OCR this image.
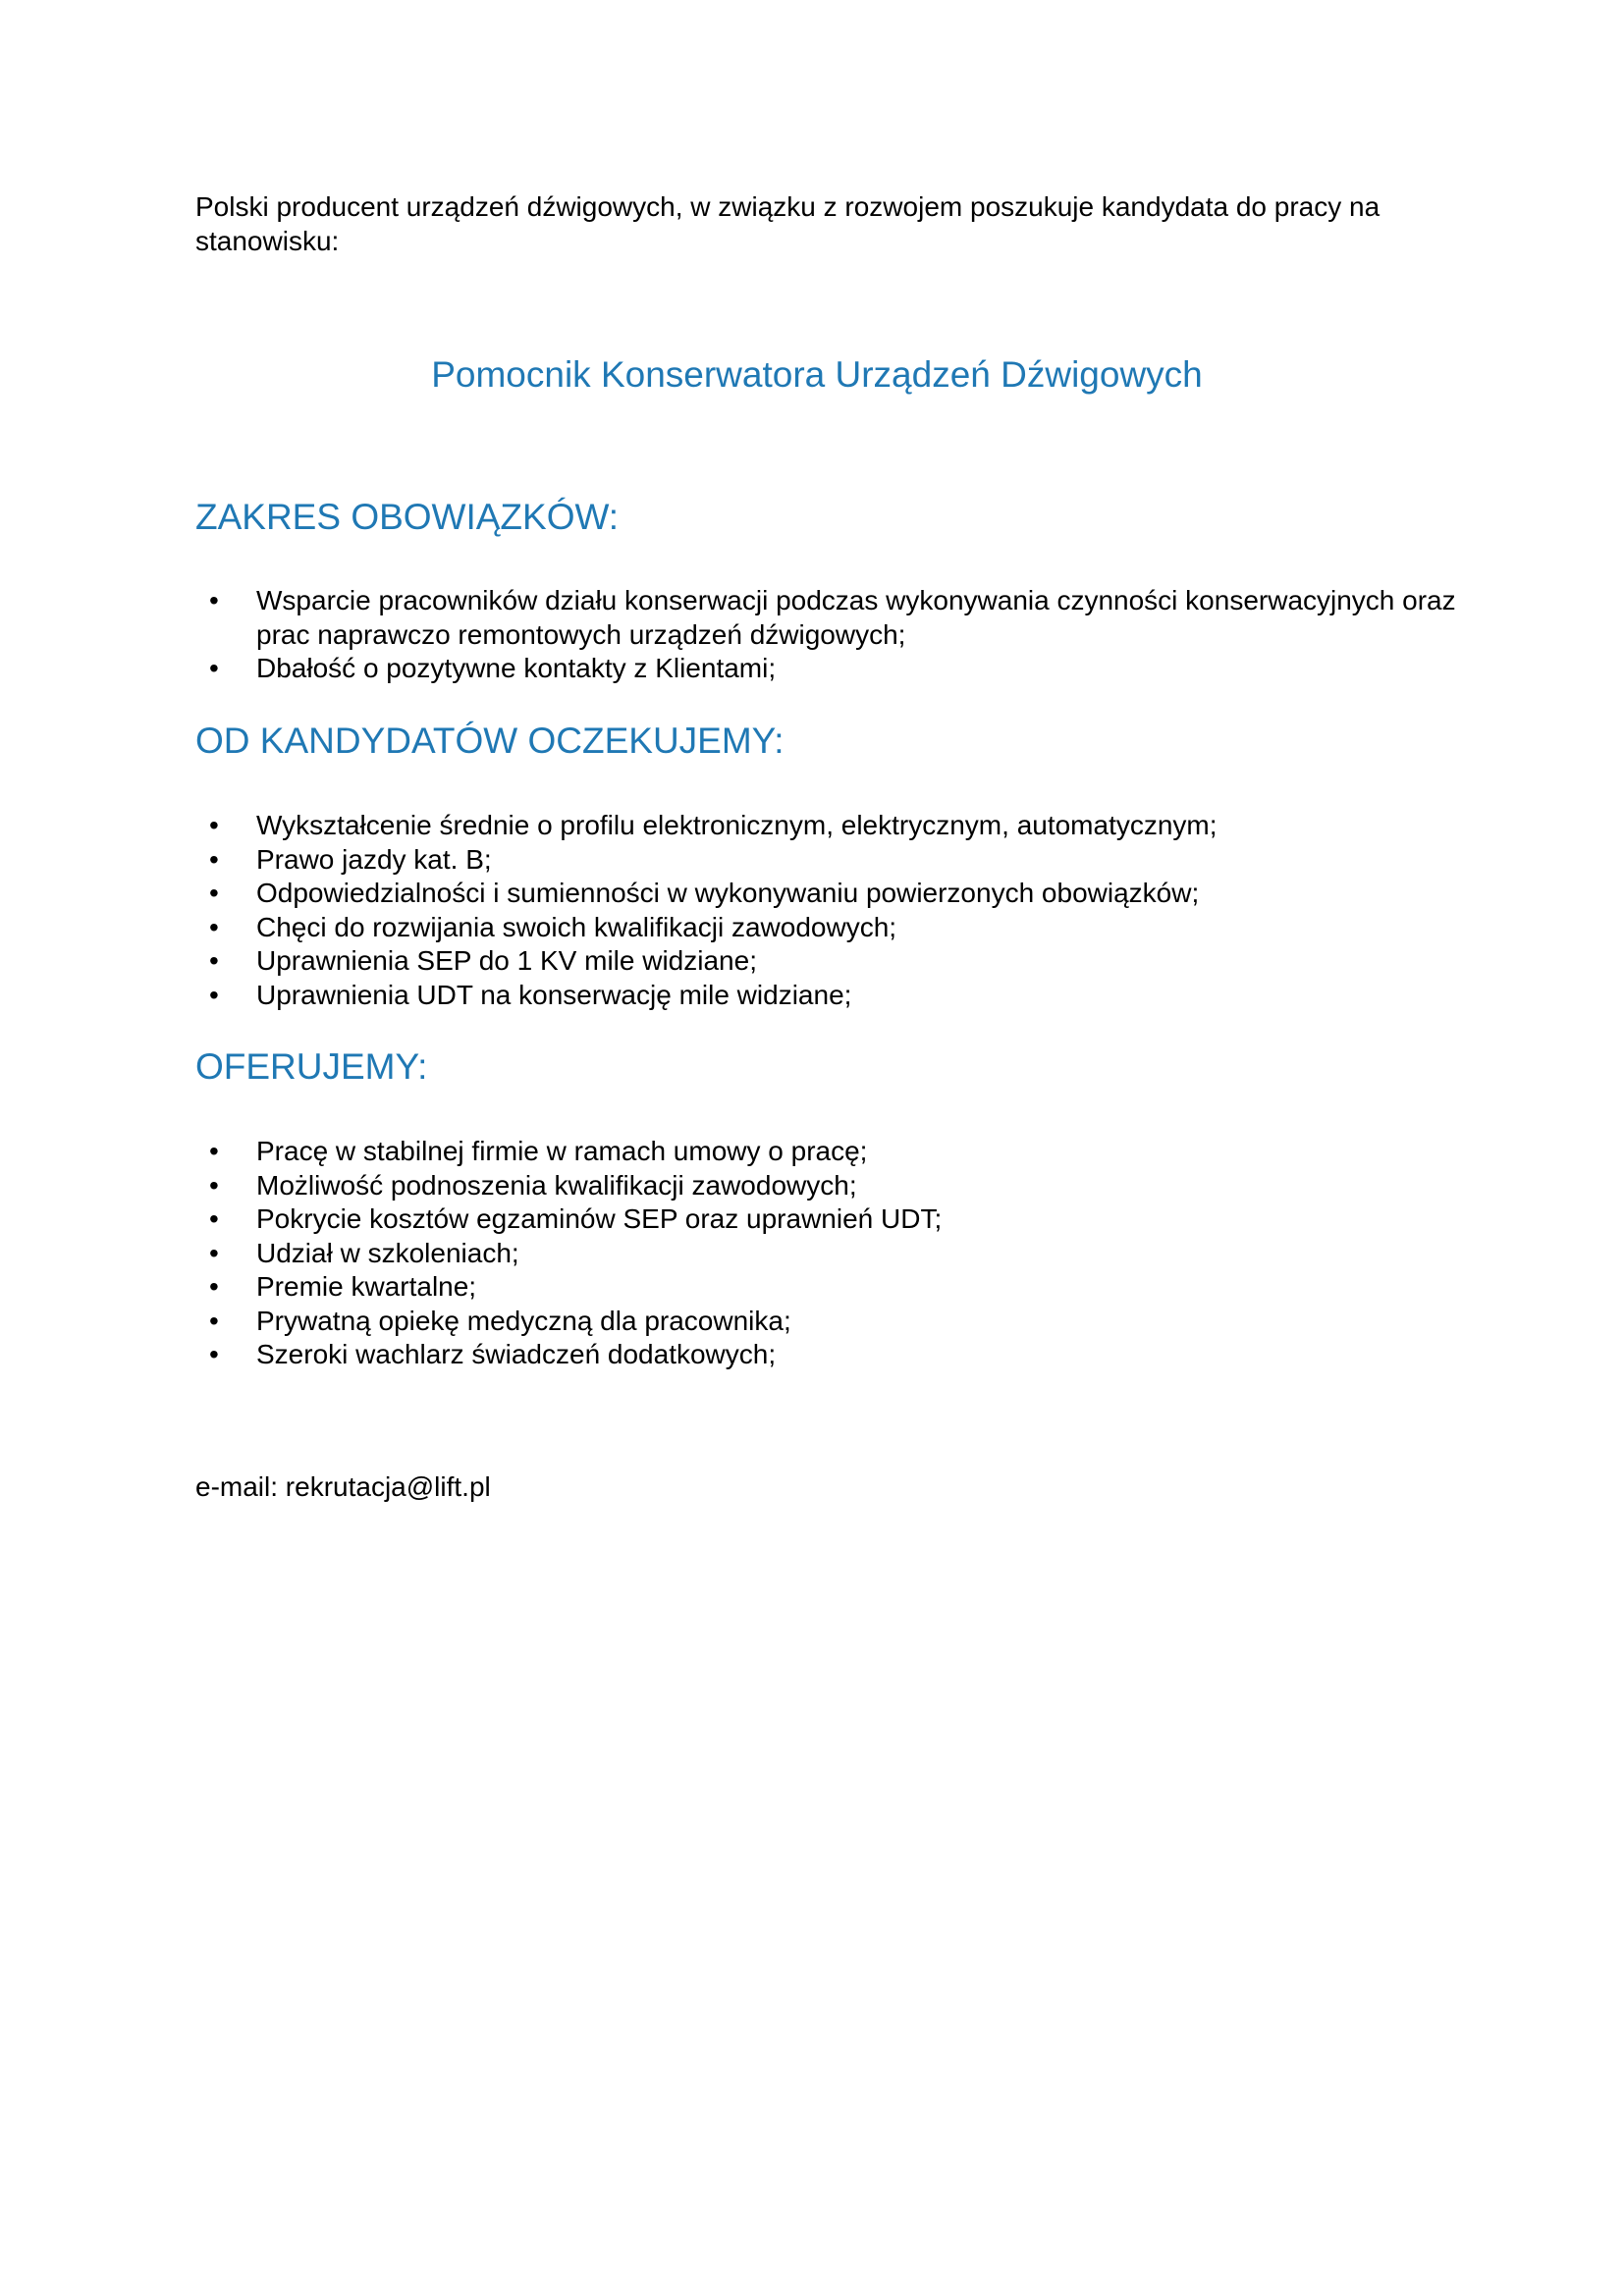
Polski producent urządzeń dźwigowych, w związku z rozwojem poszukuje kandydata do pracy na stanowisku:

Pomocnik Konserwatora Urządzeń Dźwigowych
ZAKRES OBOWIĄZKÓW:
• Wsparcie pracowników działu konserwacji podczas wykonywania czynności konserwacyjnych oraz prac naprawczo remontowych urządzeń dźwigowych;
• Dbałość o pozytywne kontakty z Klientami;
OD KANDYDATÓW OCZEKUJEMY:
• Wykształcenie średnie o profilu elektronicznym, elektrycznym, automatycznym;
• Prawo jazdy kat. B;
• Odpowiedzialności i sumienności w wykonywaniu powierzonych obowiązków;
• Chęci do rozwijania swoich kwalifikacji zawodowych;
• Uprawnienia SEP do 1 KV mile widziane;
• Uprawnienia UDT na konserwację mile widziane;
OFERUJEMY:
• Pracę w stabilnej firmie w ramach umowy o pracę;
• Możliwość podnoszenia kwalifikacji zawodowych;
• Pokrycie kosztów egzaminów SEP oraz uprawnień UDT;
• Udział w szkoleniach;
• Premie kwartalne;
• Prywatną opiekę medyczną dla pracownika;
• Szeroki wachlarz świadczeń dodatkowych;

e-mail: rekrutacja@lift.pl
